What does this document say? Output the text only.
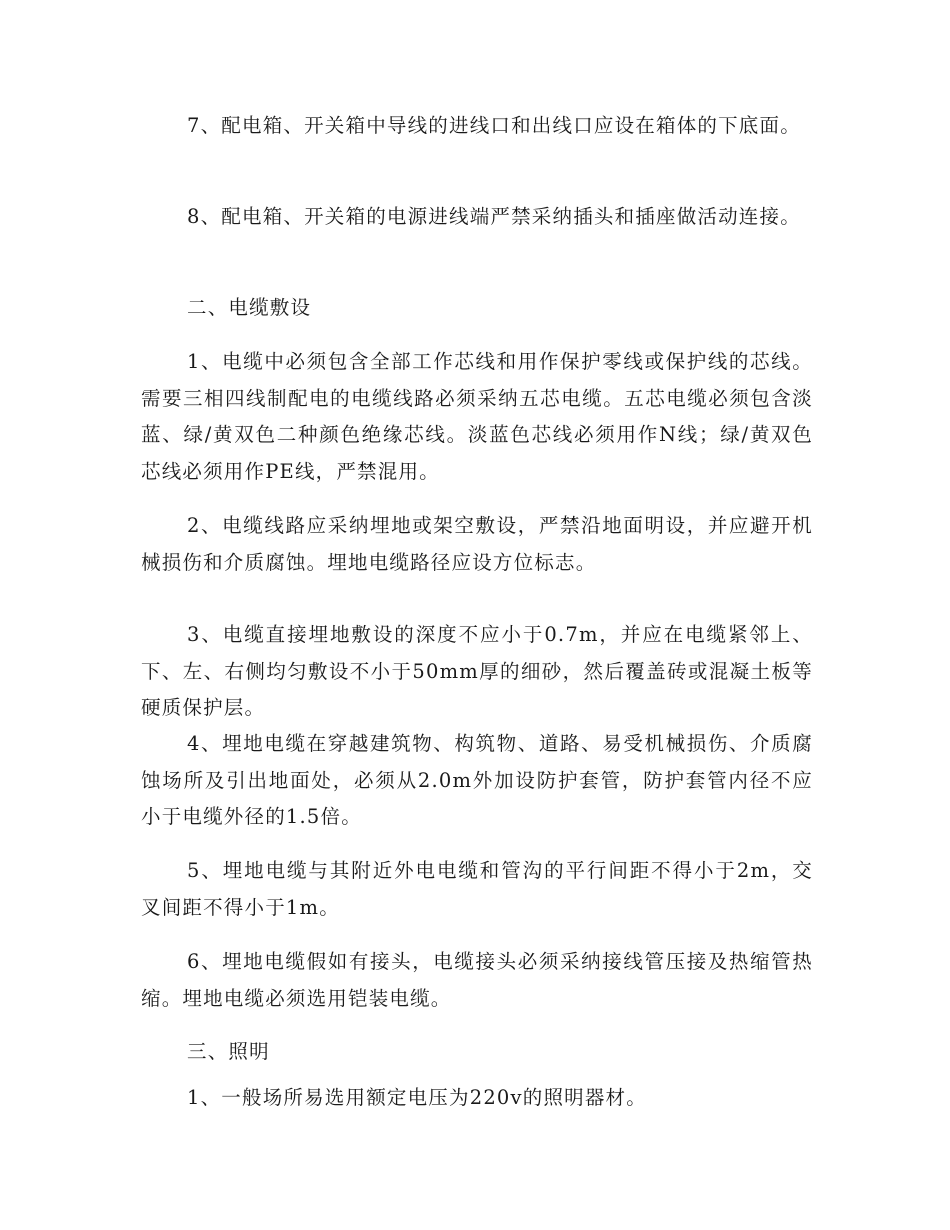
7、配电箱、开关箱中导线的进线口和出线口应设在箱体的下底面。

8、配电箱、开关箱的电源进线端严禁采纳插头和插座做活动连接。

二、电缆敷设

1、电缆中必须包含全部工作芯线和用作保护零线或保护线的芯线。需要三相四线制配电的电缆线路必须采纳五芯电缆。五芯电缆必须包含淡蓝、绿/黄双色二种颜色绝缘芯线。淡蓝色芯线必须用作N线；绿/黄双色芯线必须用作PE线，严禁混用。

2、电缆线路应采纳埋地或架空敷设，严禁沿地面明设，并应避开机械损伤和介质腐蚀。埋地电缆路径应设方位标志。

3、电缆直接埋地敷设的深度不应小于0.7m，并应在电缆紧邻上、下、左、右侧均匀敷设不小于50mm厚的细砂，然后覆盖砖或混凝土板等硬质保护层。

4、埋地电缆在穿越建筑物、构筑物、道路、易受机械损伤、介质腐蚀场所及引出地面处，必须从2.0m外加设防护套管，防护套管内径不应小于电缆外径的1.5倍。

5、埋地电缆与其附近外电电缆和管沟的平行间距不得小于2m，交叉间距不得小于1m。

6、埋地电缆假如有接头，电缆接头必须采纳接线管压接及热缩管热缩。埋地电缆必须选用铠装电缆。

三、照明

1、一般场所易选用额定电压为220v的照明器材。
